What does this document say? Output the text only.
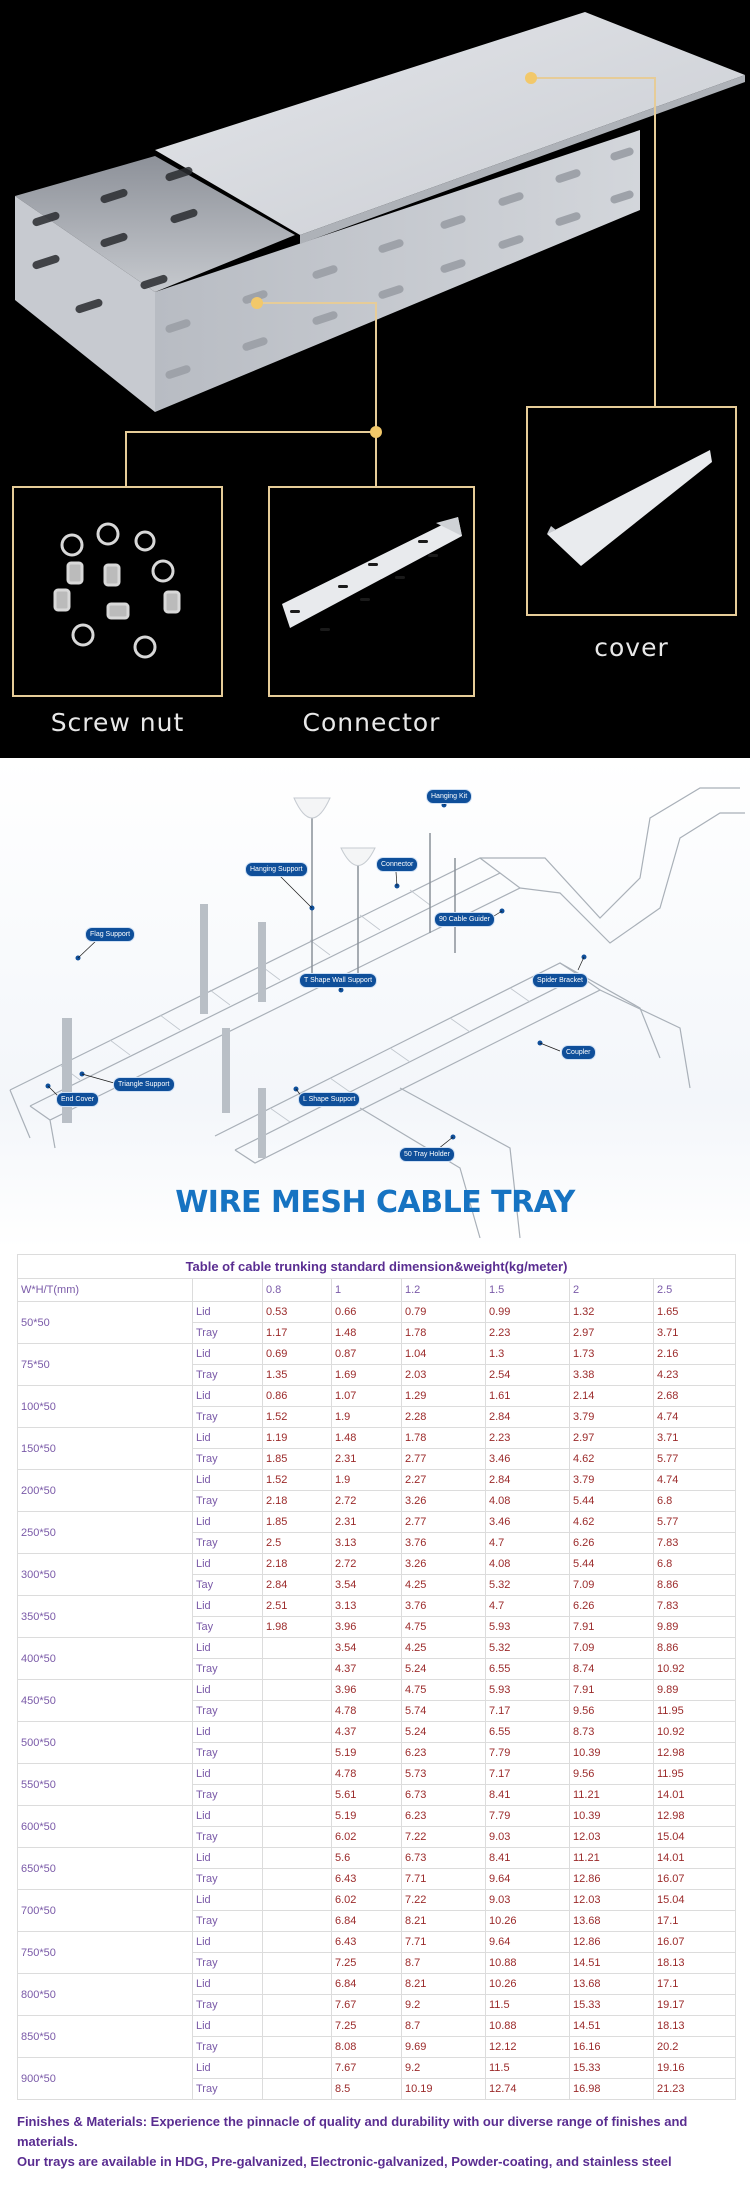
Screw nut	Connector
cover
Hanging Kit
Hanging Support
Connector
90 Cable Guider
Flag Support
T Shape Wall Support	Spider Bracket
Coupler
Triangle Support
End Cover	L Shape Support
50 Tray Holder
WIRE MESH CABLE TRAY
Table of cable trunking standard dimension&weight(kg/meter)							
W*H/T(mm)		0.8	1	1.2	1.5	2	2.5
50*50	Lid	0.53	0.66	0.79	0.99	1.32	1.65
	Tray	1.17	1.48	1.78	2.23	2.97	3.71
75*50	Lid	0.69	0.87	1.04	1.3	1.73	2.16
	Tray	1.35	1.69	2.03	2.54	3.38	4.23
100*50	Lid	0.86	1.07	1.29	1.61	2.14	2.68
	Tray	1.52	1.9	2.28	2.84	3.79	4.74
150*50	Lid	1.19	1.48	1.78	2.23	2.97	3.71
	Tray	1.85	2.31	2.77	3.46	4.62	5.77
200*50	Lid	1.52	1.9	2.27	2.84	3.79	4.74
	Tray	2.18	2.72	3.26	4.08	5.44	6.8
250*50	Lid	1.85	2.31	2.77	3.46	4.62	5.77
	Tray	2.5	3.13	3.76	4.7	6.26	7.83
300*50	Lid	2.18	2.72	3.26	4.08	5.44	6.8
	Tay	2.84	3.54	4.25	5.32	7.09	8.86
350*50	Lid	2.51	3.13	3.76	4.7	6.26	7.83
	Tay	1.98	3.96	4.75	5.93	7.91	9.89
400*50	Lid		3.54	4.25	5.32	7.09	8.86
	Tray		4.37	5.24	6.55	8.74	10.92
450*50	Lid		3.96	4.75	5.93	7.91	9.89
	Tray		4.78	5.74	7.17	9.56	11.95
500*50	Lid		4.37	5.24	6.55	8.73	10.92
	Tray		5.19	6.23	7.79	10.39	12.98
550*50	Lid		4.78	5.73	7.17	9.56	11.95
	Tray		5.61	6.73	8.41	11.21	14.01
600*50	Lid		5.19	6.23	7.79	10.39	12.98
	Tray		6.02	7.22	9.03	12.03	15.04
650*50	Lid		5.6	6.73	8.41	11.21	14.01
	Tray		6.43	7.71	9.64	12.86	16.07
700*50	Lid		6.02	7.22	9.03	12.03	15.04
	Tray		6.84	8.21	10.26	13.68	17.1
750*50	Lid		6.43	7.71	9.64	12.86	16.07
	Tray		7.25	8.7	10.88	14.51	18.13
800*50	Lid		6.84	8.21	10.26	13.68	17.1
	Tray		7.67	9.2	11.5	15.33	19.17
850*50	Lid		7.25	8.7	10.88	14.51	18.13
	Tray		8.08	9.69	12.12	16.16	20.2
900*50	Lid		7.67	9.2	11.5	15.33	19.16
	Tray		8.5	10.19	12.74	16.98	21.23
Finishes & Materials: Experience the pinnacle of quality and durability with our diverse range of finishes and materials.
Our trays are available in HDG, Pre-galvanized, Electronic-galvanized, Powder-coating, and stainless steel
